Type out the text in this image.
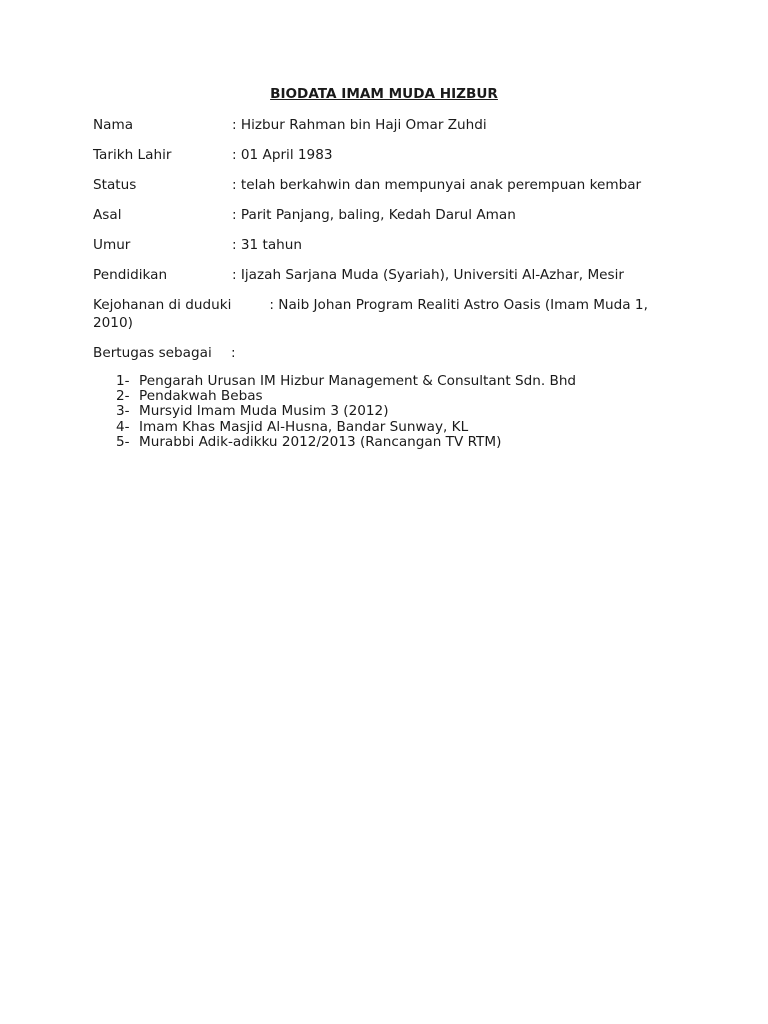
BIODATA IMAM MUDA HIZBUR
Nama	: Hizbur Rahman bin Haji Omar Zuhdi
Tarikh Lahir	: 01 April 1983
Status	: telah berkahwin dan mempunyai anak perempuan kembar
Asal	: Parit Panjang, baling, Kedah Darul Aman
Umur	: 31 tahun
Pendidikan	: Ijazah Sarjana Muda (Syariah), Universiti Al-Azhar, Mesir
Kejohanan di duduki	: Naib Johan Program Realiti Astro Oasis (Imam Muda 1,
2010)
Bertugas sebagai :
1- Pengarah Urusan IM Hizbur Management & Consultant Sdn. Bhd
2- Pendakwah Bebas
3- Mursyid Imam Muda Musim 3 (2012)
4- Imam Khas Masjid Al-Husna, Bandar Sunway, KL
5- Murabbi Adik-adikku 2012/2013 (Rancangan TV RTM)
